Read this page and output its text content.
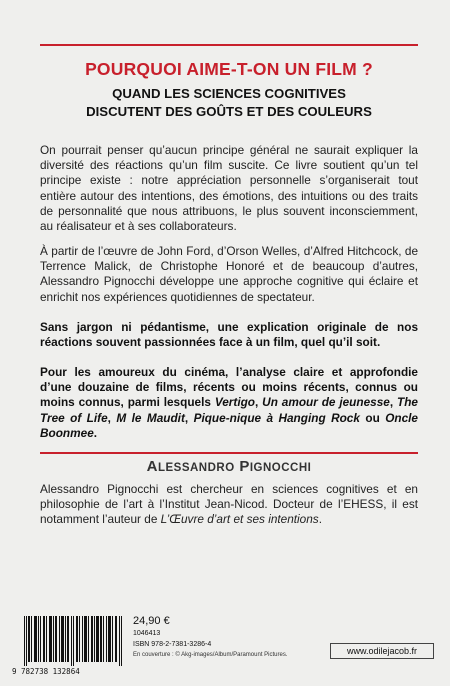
POURQUOI AIME-T-ON UN FILM ?
QUAND LES SCIENCES COGNITIVES
DISCUTENT DES GOÛTS ET DES COULEURS
On pourrait penser qu’aucun principe général ne saurait expliquer la diversité des réactions qu’un film suscite. Ce livre soutient qu’un tel principe existe : notre appréciation personnelle s’organiserait tout entière autour des intentions, des émotions, des intuitions ou des traits de personnalité que nous attribuons, le plus souvent inconsciemment, au réalisateur et à ses collaborateurs.
À partir de l’œuvre de John Ford, d’Orson Welles, d’Alfred Hitchcock, de Terrence Malick, de Christophe Honoré et de beaucoup d’autres, Alessandro Pignocchi développe une approche cognitive qui éclaire et enrichit nos expériences quotidiennes de spectateur.
Sans jargon ni pédantisme, une explication originale de nos réactions souvent passionnées face à un film, quel qu’il soit.
Pour les amoureux du cinéma, l’analyse claire et approfondie d’une douzaine de films, récents ou moins récents, connus ou moins connus, parmi lesquels Vertigo, Un amour de jeunesse, The Tree of Life, M le Maudit, Pique-nique à Hanging Rock ou Oncle Boonmee.
ALESSANDRO PIGNOCCHI
Alessandro Pignocchi est chercheur en sciences cognitives et en philosophie de l’art à l’Institut Jean-Nicod. Docteur de l’EHESS, il est notamment l’auteur de L’Œuvre d’art et ses intentions.
9 782738 132864
24,90 €
1046413
ISBN 978-2-7381-3286-4
En couverture : © Akg-images/Album/Paramount Pictures.	www.odilejacob.fr
